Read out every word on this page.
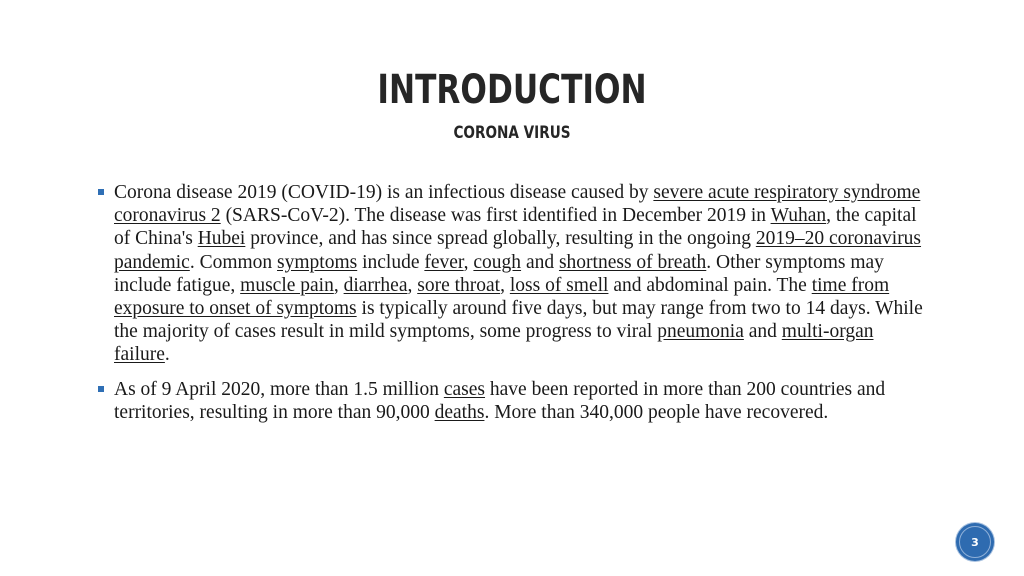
INTRODUCTION
CORONA VIRUS
Corona disease 2019 (COVID-19) is an infectious disease caused by severe acute respiratory syndrome coronavirus 2 (SARS-CoV-2). The disease was first identified in December 2019 in Wuhan, the capital of China's Hubei province, and has since spread globally, resulting in the ongoing 2019–20 coronavirus pandemic. Common symptoms include fever, cough and shortness of breath. Other symptoms may include fatigue, muscle pain, diarrhea, sore throat, loss of smell and abdominal pain. The time from exposure to onset of symptoms is typically around five days, but may range from two to 14 days. While the majority of cases result in mild symptoms, some progress to viral pneumonia and multi-organ failure.
As of 9 April 2020, more than 1.5 million cases have been reported in more than 200 countries and territories, resulting in more than 90,000 deaths. More than 340,000 people have recovered.
3
